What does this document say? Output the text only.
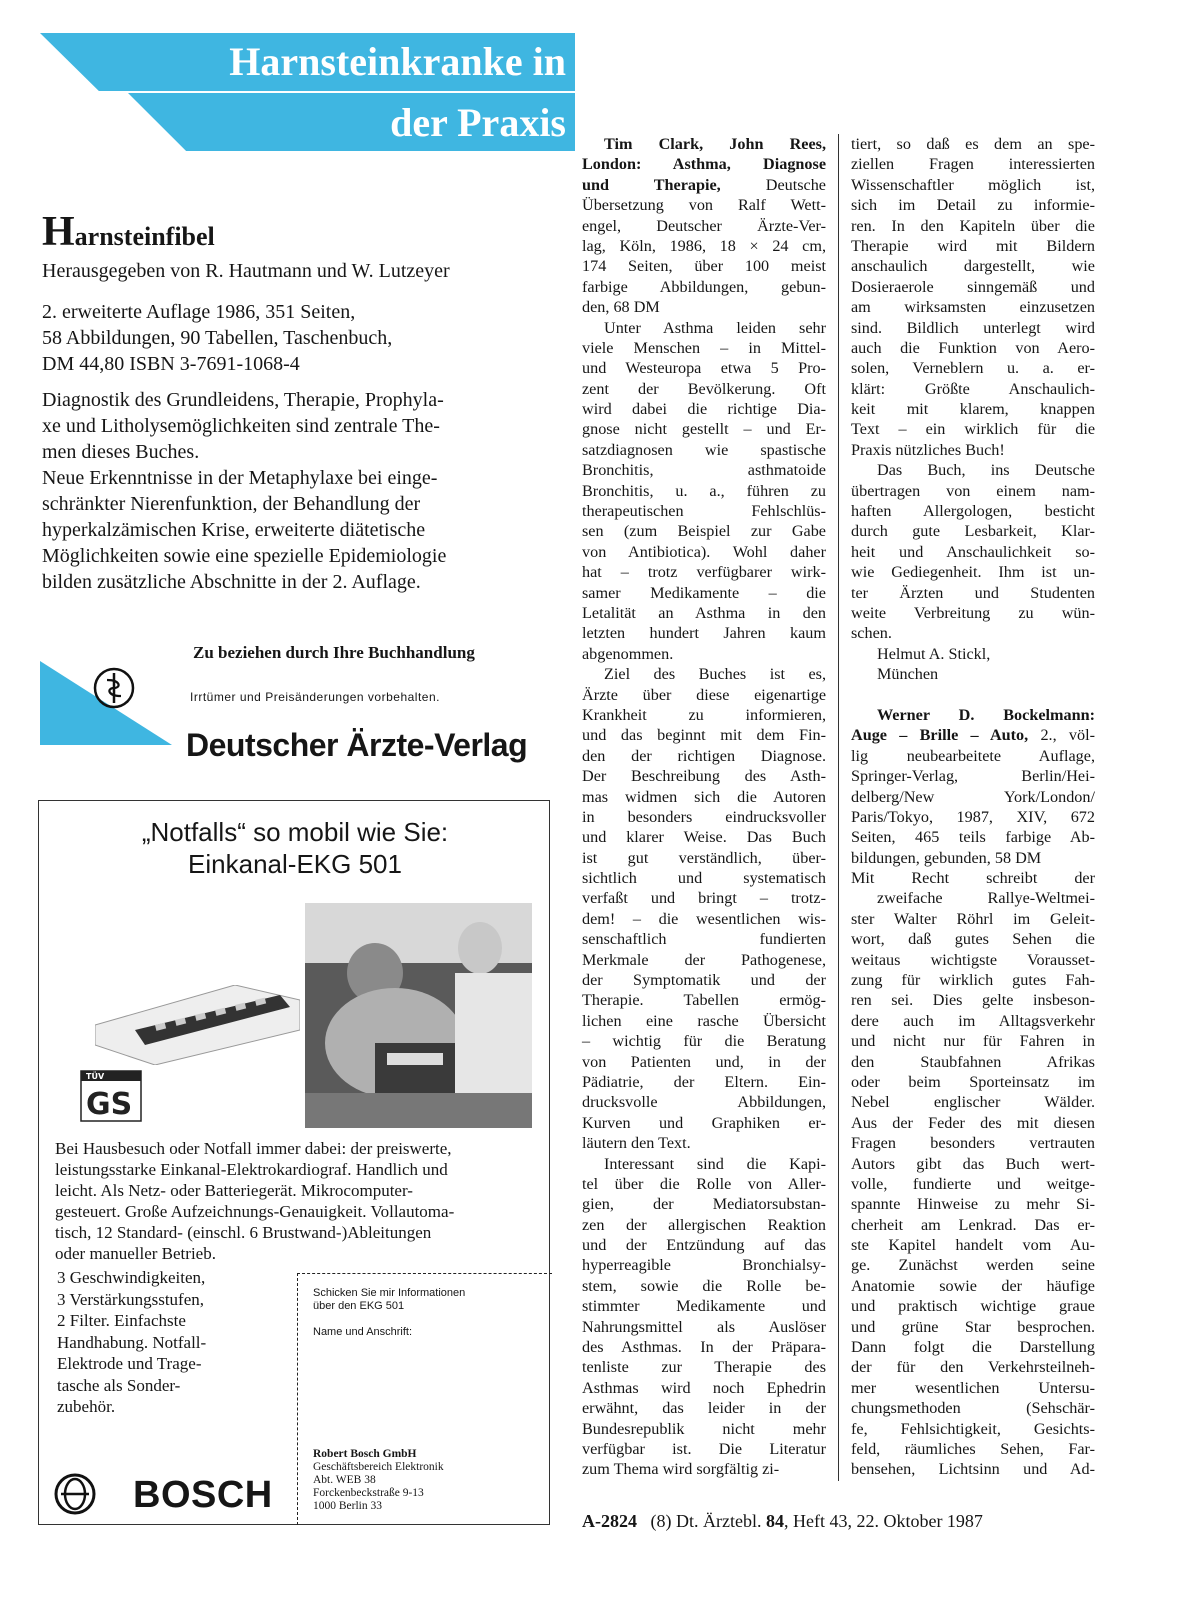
Harnsteinkranke in
der Praxis
Harnsteinfibel
Herausgegeben von R. Hautmann und W. Lutzeyer
2. erweiterte Auflage 1986, 351 Seiten,
58 Abbildungen, 90 Tabellen, Taschenbuch,
DM 44,80 ISBN 3-7691-1068-4
Diagnostik des Grundleidens, Therapie, Prophyla-
xe und Litholysemöglichkeiten sind zentrale The-
men dieses Buches.
Neue Erkenntnisse in der Metaphylaxe bei einge-
schränkter Nierenfunktion, der Behandlung der
hyperkalzämischen Krise, erweiterte diätetische
Möglichkeiten sowie eine spezielle Epidemiologie
bilden zusätzliche Abschnitte in der 2. Auflage.
Zu beziehen durch Ihre Buchhandlung
Irrtümer und Preisänderungen vorbehalten.
Deutscher Ärzte-Verlag
„Notfalls“ so mobil wie Sie:
Einkanal-EKG 501
TÜV
GS
Bei Hausbesuch oder Notfall immer dabei: der preiswerte,
leistungsstarke Einkanal-Elektrokardiograf. Handlich und
leicht. Als Netz- oder Batteriegerät. Mikrocomputer-
gesteuert. Große Aufzeichnungs-Genauigkeit. Vollautoma-
tisch, 12 Standard- (einschl. 6 Brustwand-)Ableitungen
oder manueller Betrieb.
3 Geschwindigkeiten,
3 Verstärkungsstufen,
2 Filter. Einfachste
Handhabung. Notfall-
Elektrode und Trage-
tasche als Sonder-
zubehör.
Schicken Sie mir Informationen
über den EKG 501
Name und Anschrift:
Robert Bosch GmbH
Geschäftsbereich Elektronik
Abt. WEB 38
Forckenbeckstraße 9-13
1000 Berlin 33
BOSCH
Tim Clark, John Rees,
London: Asthma, Diagnose
und Therapie, Deutsche
Übersetzung von Ralf Wett-
engel, Deutscher Ärzte-Ver-
lag, Köln, 1986, 18 × 24 cm,
174 Seiten, über 100 meist
farbige Abbildungen, gebun-
den, 68 DM
Unter Asthma leiden sehr
viele Menschen – in Mittel-
und Westeuropa etwa 5 Pro-
zent der Bevölkerung. Oft
wird dabei die richtige Dia-
gnose nicht gestellt – und Er-
satzdiagnosen wie spastische
Bronchitis, asthmatoide
Bronchitis, u. a., führen zu
therapeutischen Fehlschlüs-
sen (zum Beispiel zur Gabe
von Antibiotica). Wohl daher
hat – trotz verfügbarer wirk-
samer Medikamente – die
Letalität an Asthma in den
letzten hundert Jahren kaum
abgenommen.
Ziel des Buches ist es,
Ärzte über diese eigenartige
Krankheit zu informieren,
und das beginnt mit dem Fin-
den der richtigen Diagnose.
Der Beschreibung des Asth-
mas widmen sich die Autoren
in besonders eindrucksvoller
und klarer Weise. Das Buch
ist gut verständlich, über-
sichtlich und systematisch
verfaßt und bringt – trotz-
dem! – die wesentlichen wis-
senschaftlich fundierten
Merkmale der Pathogenese,
der Symptomatik und der
Therapie. Tabellen ermög-
lichen eine rasche Übersicht
– wichtig für die Beratung
von Patienten und, in der
Pädiatrie, der Eltern. Ein-
drucksvolle Abbildungen,
Kurven und Graphiken er-
läutern den Text.
Interessant sind die Kapi-
tel über die Rolle von Aller-
gien, der Mediatorsubstan-
zen der allergischen Reaktion
und der Entzündung auf das
hyperreagible Bronchialsy-
stem, sowie die Rolle be-
stimmter Medikamente und
Nahrungsmittel als Auslöser
des Asthmas. In der Präpara-
tenliste zur Therapie des
Asthmas wird noch Ephedrin
erwähnt, das leider in der
Bundesrepublik nicht mehr
verfügbar ist. Die Literatur
zum Thema wird sorgfältig zi-
tiert, so daß es dem an spe-
ziellen Fragen interessierten
Wissenschaftler möglich ist,
sich im Detail zu informie-
ren. In den Kapiteln über die
Therapie wird mit Bildern
anschaulich dargestellt, wie
Dosieraerole sinngemäß und
am wirksamsten einzusetzen
sind. Bildlich unterlegt wird
auch die Funktion von Aero-
solen, Verneblern u. a. er-
klärt: Größte Anschaulich-
keit mit klarem, knappen
Text – ein wirklich für die
Praxis nützliches Buch!
Das Buch, ins Deutsche
übertragen von einem nam-
haften Allergologen, besticht
durch gute Lesbarkeit, Klar-
heit und Anschaulichkeit so-
wie Gediegenheit. Ihm ist un-
ter Ärzten und Studenten
weite Verbreitung zu wün-
schen.
Helmut A. Stickl,
München

Werner D. Bockelmann:
Auge – Brille – Auto, 2., völ-
lig neubearbeitete Auflage,
Springer-Verlag, Berlin/Hei-
delberg/New York/London/
Paris/Tokyo, 1987, XIV, 672
Seiten, 465 teils farbige Ab-
bildungen, gebunden, 58 DM
Mit Recht schreibt der
zweifache Rallye-Weltmei-
ster Walter Röhrl im Geleit-
wort, daß gutes Sehen die
weitaus wichtigste Vorausset-
zung für wirklich gutes Fah-
ren sei. Dies gelte insbeson-
dere auch im Alltagsverkehr
und nicht nur für Fahren in
den Staubfahnen Afrikas
oder beim Sporteinsatz im
Nebel englischer Wälder.
Aus der Feder des mit diesen
Fragen besonders vertrauten
Autors gibt das Buch wert-
volle, fundierte und weitge-
spannte Hinweise zu mehr Si-
cherheit am Lenkrad. Das er-
ste Kapitel handelt vom Au-
ge. Zunächst werden seine
Anatomie sowie der häufige
und praktisch wichtige graue
und grüne Star besprochen.
Dann folgt die Darstellung
der für den Verkehrsteilneh-
mer wesentlichen Untersu-
chungsmethoden (Sehschär-
fe, Fehlsichtigkeit, Gesichts-
feld, räumliches Sehen, Far-
bensehen, Lichtsinn und Ad-
A-2824 (8) Dt. Ärztebl. 84, Heft 43, 22. Oktober 1987
